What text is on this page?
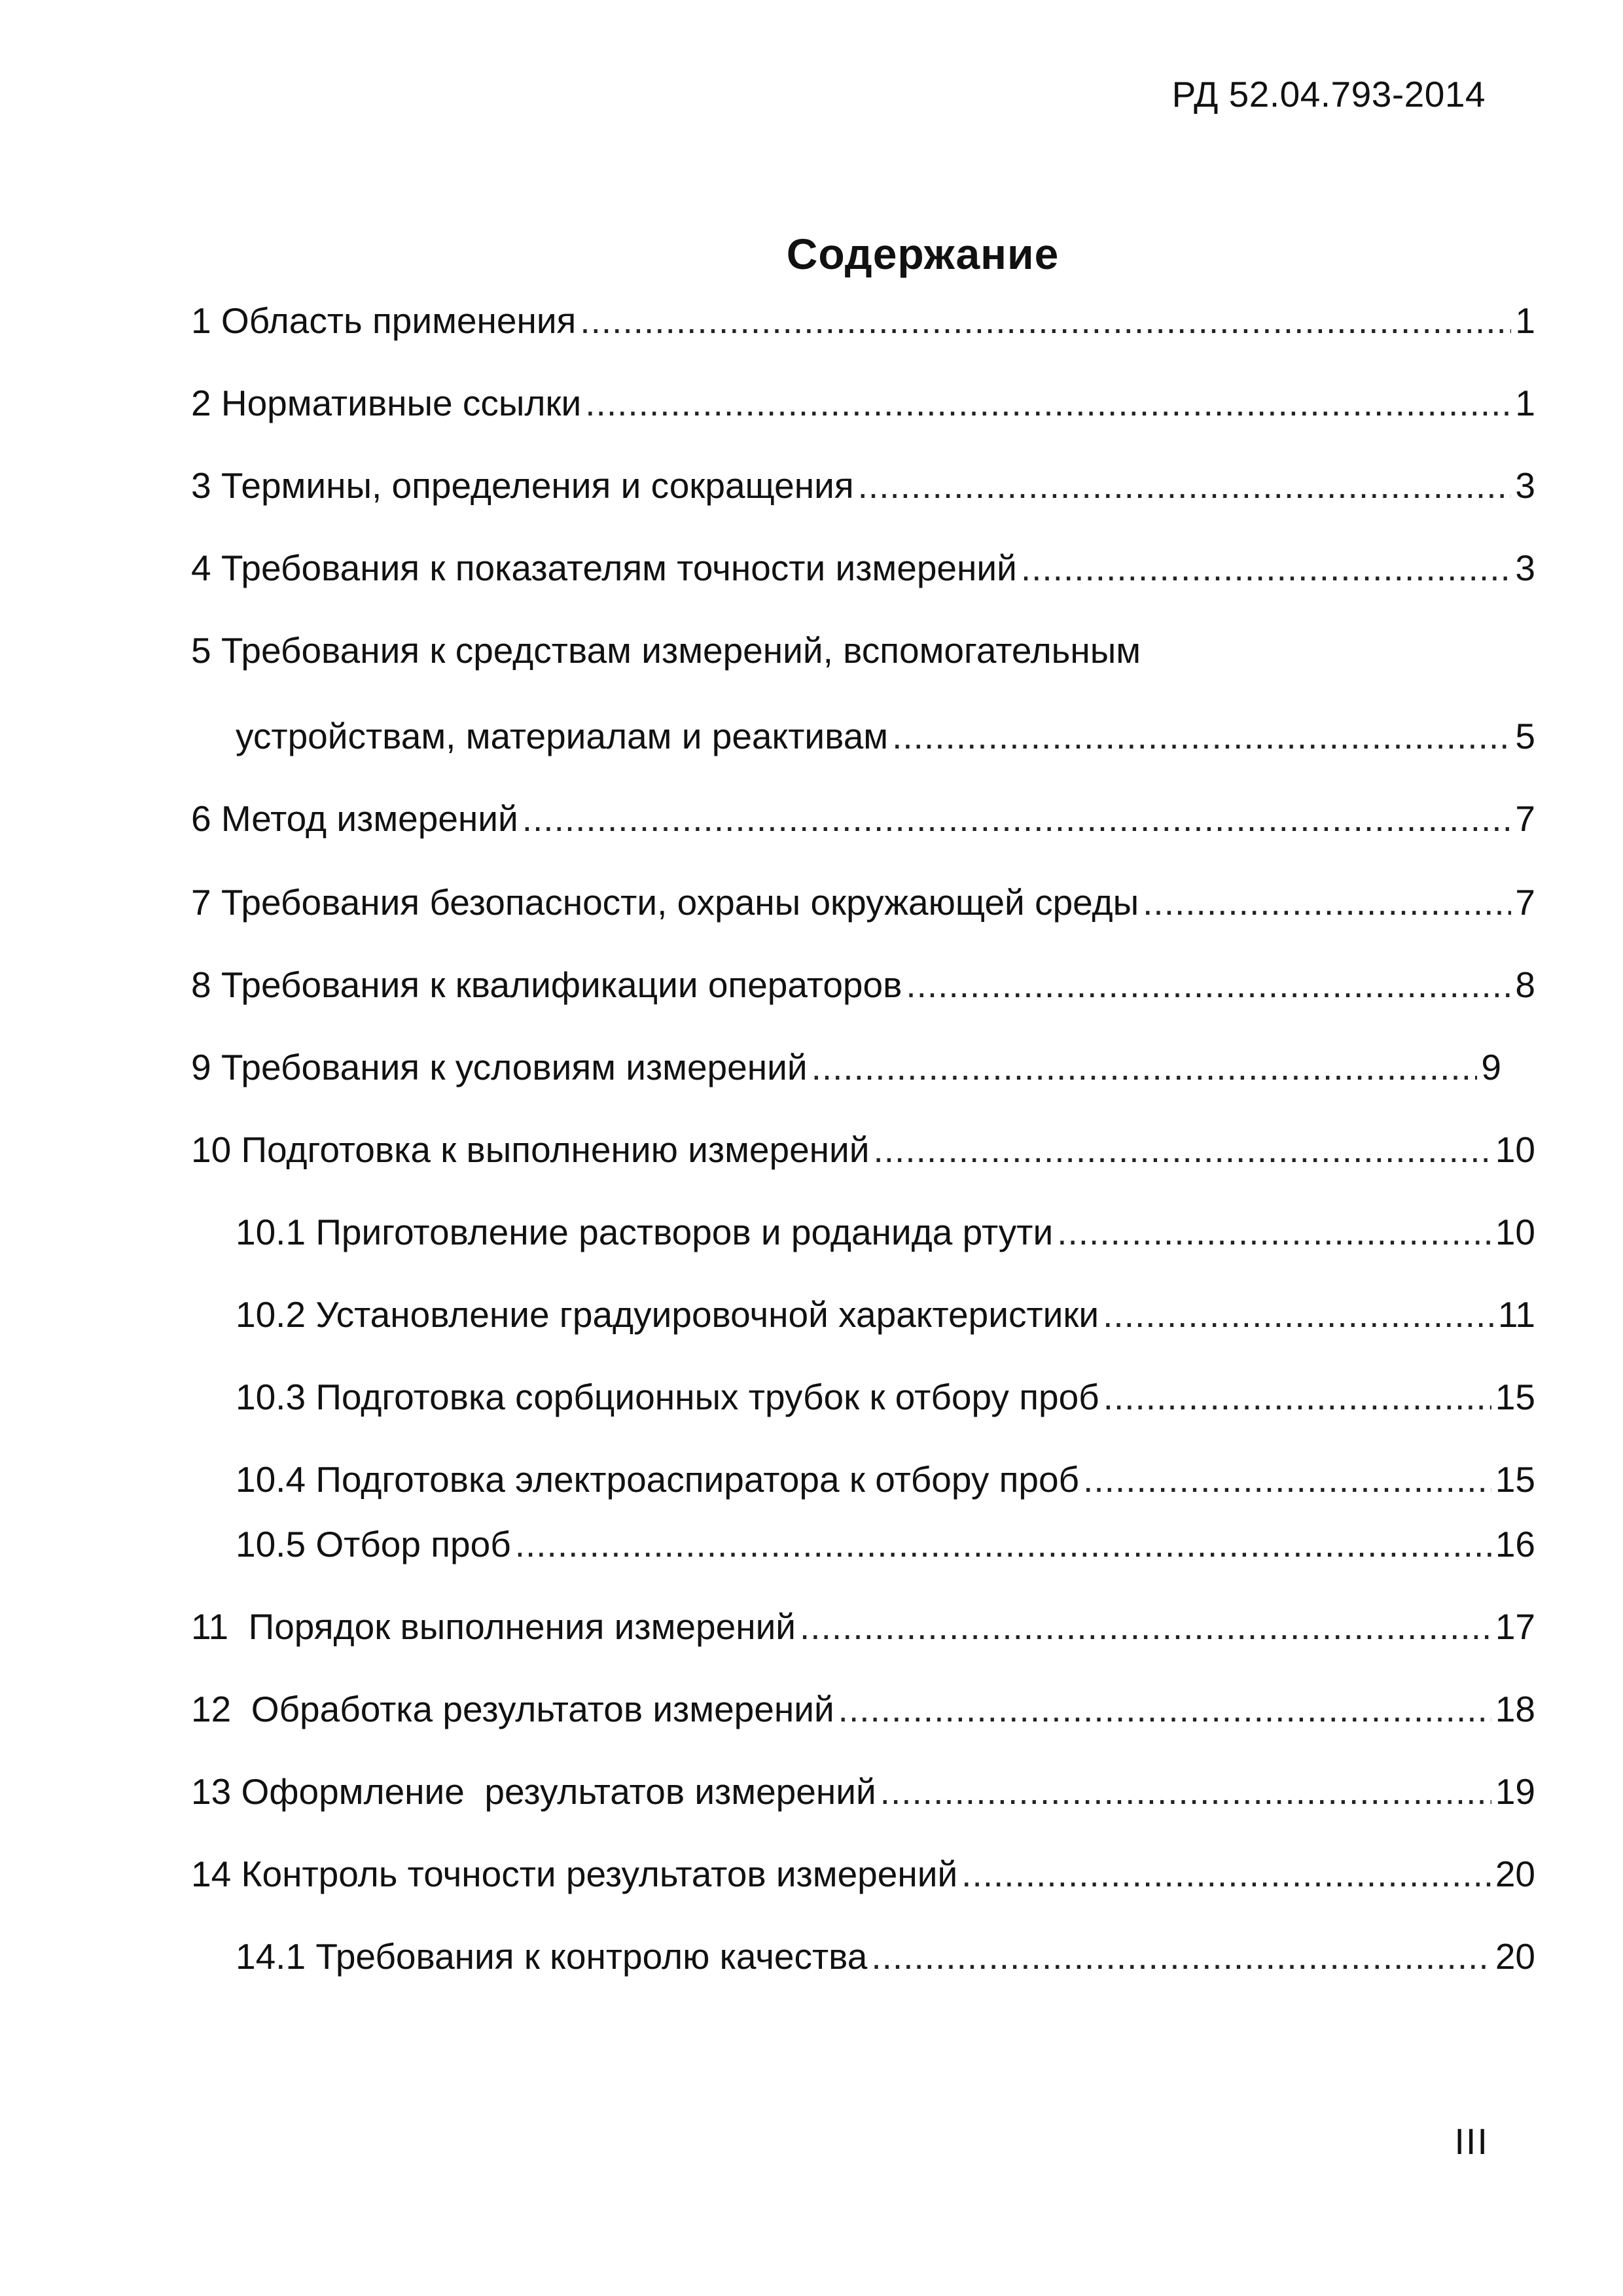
РД 52.04.793-2014
Содержание
1 Область применения .....	1
2 Нормативные ссылки .....	1
3 Термины, определения и сокращения .....	3
4 Требования к показателям точности измерений .....	3
5 Требования к средствам измерений, вспомогательным
устройствам, материалам и реактивам .....	5
6 Метод измерений .....	7
7 Требования безопасности, охраны окружающей среды .....	7
8 Требования к квалификации операторов .....	8
9 Требования к условиям измерений .....	9
10 Подготовка к выполнению измерений .....	10
10.1 Приготовление растворов и роданида ртути .....	10
10.2 Установление градуировочной характеристики .....	11
10.3 Подготовка сорбционных трубок к отбору проб .....	15
10.4 Подготовка электроаспиратора к отбору проб .....	15
10.5 Отбор проб .....	16
11  Порядок выполнения измерений .....	17
12  Обработка результатов измерений .....	18
13 Оформление  результатов измерений .....	19
14 Контроль точности результатов измерений .....	20
14.1 Требования к контролю качества .....	20
III
